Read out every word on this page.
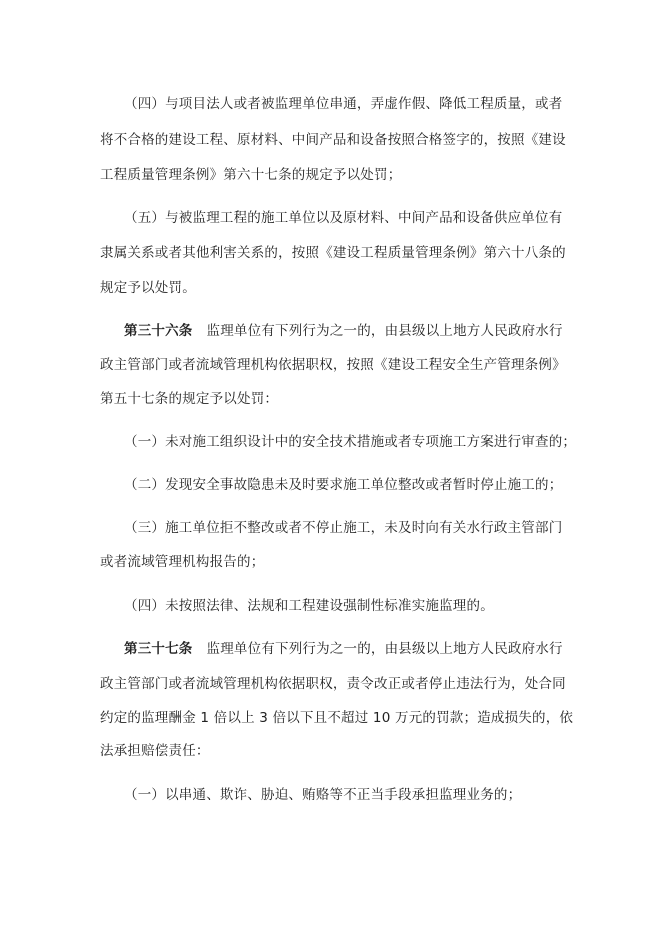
（四）与项目法人或者被监理单位串通，弄虚作假、降低工程质量，或者
将不合格的建设工程、原材料、中间产品和设备按照合格签字的，按照《建设
工程质量管理条例》第六十七条的规定予以处罚；
（五）与被监理工程的施工单位以及原材料、中间产品和设备供应单位有
隶属关系或者其他利害关系的，按照《建设工程质量管理条例》第六十八条的
规定予以处罚。
第三十六条 监理单位有下列行为之一的，由县级以上地方人民政府水行
政主管部门或者流域管理机构依据职权，按照《建设工程安全生产管理条例》
第五十七条的规定予以处罚：
（一）未对施工组织设计中的安全技术措施或者专项施工方案进行审查的；
（二）发现安全事故隐患未及时要求施工单位整改或者暂时停止施工的；
（三）施工单位拒不整改或者不停止施工，未及时向有关水行政主管部门
或者流域管理机构报告的；
（四）未按照法律、法规和工程建设强制性标准实施监理的。
第三十七条 监理单位有下列行为之一的，由县级以上地方人民政府水行
政主管部门或者流域管理机构依据职权，责令改正或者停止违法行为，处合同
约定的监理酬金 1 倍以上 3 倍以下且不超过 10 万元的罚款；造成损失的，依
法承担赔偿责任：
（一）以串通、欺诈、胁迫、贿赂等不正当手段承担监理业务的；
